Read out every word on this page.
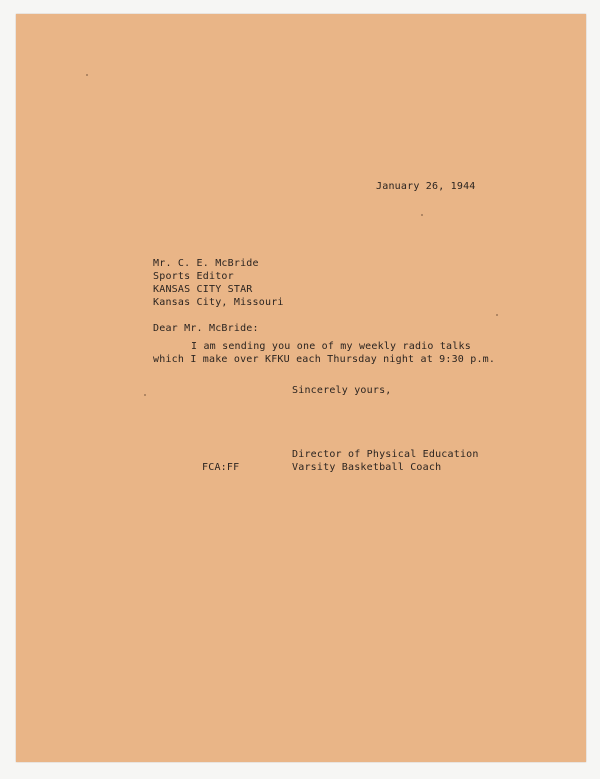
January 26, 1944
Mr. C. E. McBride
Sports Editor
KANSAS CITY STAR
Kansas City, Missouri
Dear Mr. McBride:
I am sending you one of my weekly radio talks
which I make over KFKU each Thursday night at 9:30 p.m.
Sincerely yours,
Director of Physical Education
Varsity Basketball Coach
FCA:FF
